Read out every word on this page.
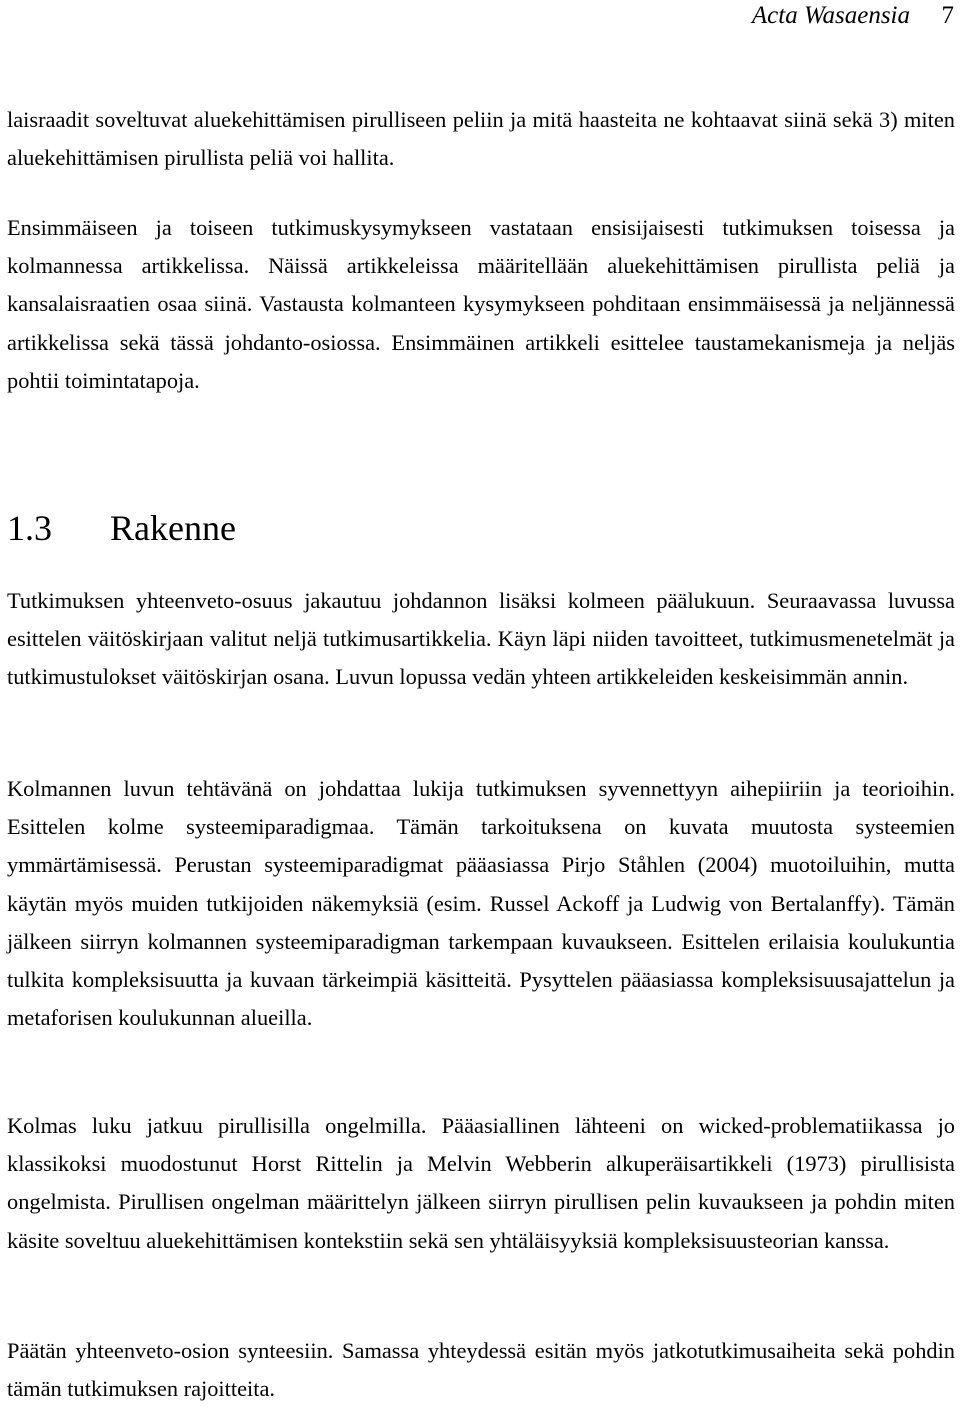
Acta Wasaensia 7

laisraadit soveltuvat aluekehittämisen pirulliseen peliin ja mitä haasteita ne kohtaavat siinä sekä 3) miten aluekehittämisen pirullista peliä voi hallita.

Ensimmäiseen ja toiseen tutkimuskysymykseen vastataan ensisijaisesti tutkimuksen toisessa ja kolmannessa artikkelissa. Näissä artikkeleissa määritellään aluekehittämisen pirullista peliä ja kansalaisraatien osaa siinä. Vastausta kolmanteen kysymykseen pohditaan ensimmäisessä ja neljännessä artikkelissa sekä tässä johdanto-osiossa. Ensimmäinen artikkeli esittelee taustamekanismeja ja neljäs pohtii toimintatapoja.

1.3 Rakenne

Tutkimuksen yhteenveto-osuus jakautuu johdannon lisäksi kolmeen päälukuun. Seuraavassa luvussa esittelen väitöskirjaan valitut neljä tutkimusartikkelia. Käyn läpi niiden tavoitteet, tutkimusmenetelmät ja tutkimustulokset väitöskirjan osana. Luvun lopussa vedän yhteen artikkeleiden keskeisimmän annin.

Kolmannen luvun tehtävänä on johdattaa lukija tutkimuksen syvennettyyn aihepiiriin ja teorioihin. Esittelen kolme systeemiparadigmaa. Tämän tarkoituksena on kuvata muutosta systeemien ymmärtämisessä. Perustan systeemiparadigmat pääasiassa Pirjo Ståhlen (2004) muotoiluihin, mutta käytän myös muiden tutkijoiden näkemyksiä (esim. Russel Ackoff ja Ludwig von Bertalanffy). Tämän jälkeen siirryn kolmannen systeemiparadigman tarkempaan kuvaukseen. Esittelen erilaisia koulukuntia tulkita kompleksisuutta ja kuvaan tärkeimpiä käsitteitä. Pysyttelen pääasiassa kompleksisuusajattelun ja metaforisen koulukunnan alueilla.

Kolmas luku jatkuu pirullisilla ongelmilla. Pääasiallinen lähteeni on wicked-problematiikassa jo klassikoksi muodostunut Horst Rittelin ja Melvin Webberin alkuperäisartikkeli (1973) pirullisista ongelmista. Pirullisen ongelman määrittelyn jälkeen siirryn pirullisen pelin kuvaukseen ja pohdin miten käsite soveltuu aluekehittämisen kontekstiin sekä sen yhtäläisyyksiä kompleksisuusteorian kanssa.

Päätän yhteenveto-osion synteesiin. Samassa yhteydessä esitän myös jatkotutkimusaiheita sekä pohdin tämän tutkimuksen rajoitteita.
